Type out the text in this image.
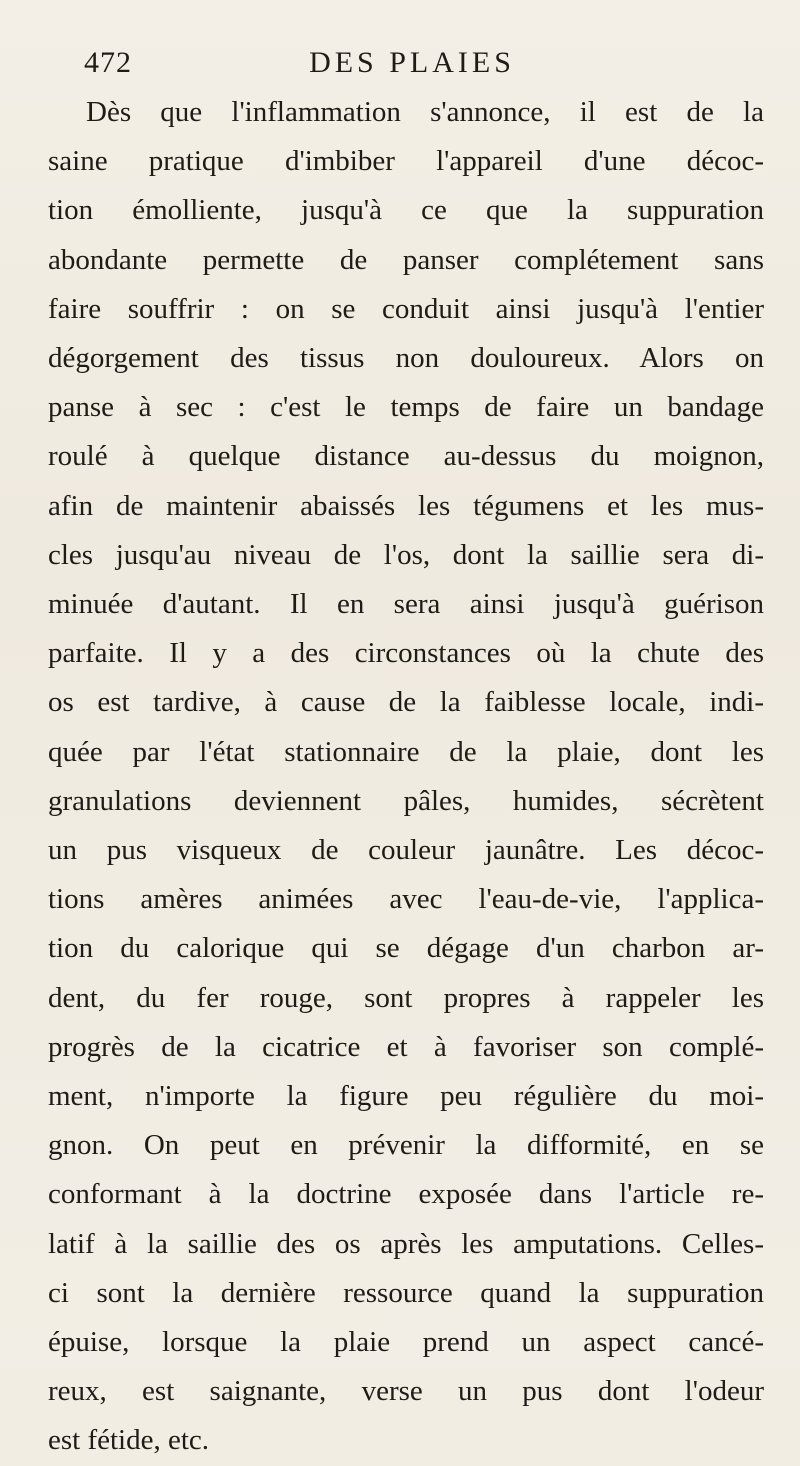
472	DES PLAIES
Dès que l'inflammation s'annonce, il est de la
saine pratique d'imbiber l'appareil d'une décoc-
tion émolliente, jusqu'à ce que la suppuration
abondante permette de panser complétement sans
faire souffrir : on se conduit ainsi jusqu'à l'entier
dégorgement des tissus non douloureux. Alors on
panse à sec : c'est le temps de faire un bandage
roulé à quelque distance au-dessus du moignon,
afin de maintenir abaissés les tégumens et les mus-
cles jusqu'au niveau de l'os, dont la saillie sera di-
minuée d'autant. Il en sera ainsi jusqu'à guérison
parfaite. Il y a des circonstances où la chute des
os est tardive, à cause de la faiblesse locale, indi-
quée par l'état stationnaire de la plaie, dont les
granulations deviennent pâles, humides, sécrètent
un pus visqueux de couleur jaunâtre. Les décoc-
tions amères animées avec l'eau-de-vie, l'applica-
tion du calorique qui se dégage d'un charbon ar-
dent, du fer rouge, sont propres à rappeler les
progrès de la cicatrice et à favoriser son complé-
ment, n'importe la figure peu régulière du moi-
gnon. On peut en prévenir la difformité, en se
conformant à la doctrine exposée dans l'article re-
latif à la saillie des os après les amputations. Celles-
ci sont la dernière ressource quand la suppuration
épuise, lorsque la plaie prend un aspect cancé-
reux, est saignante, verse un pus dont l'odeur
est fétide, etc.
